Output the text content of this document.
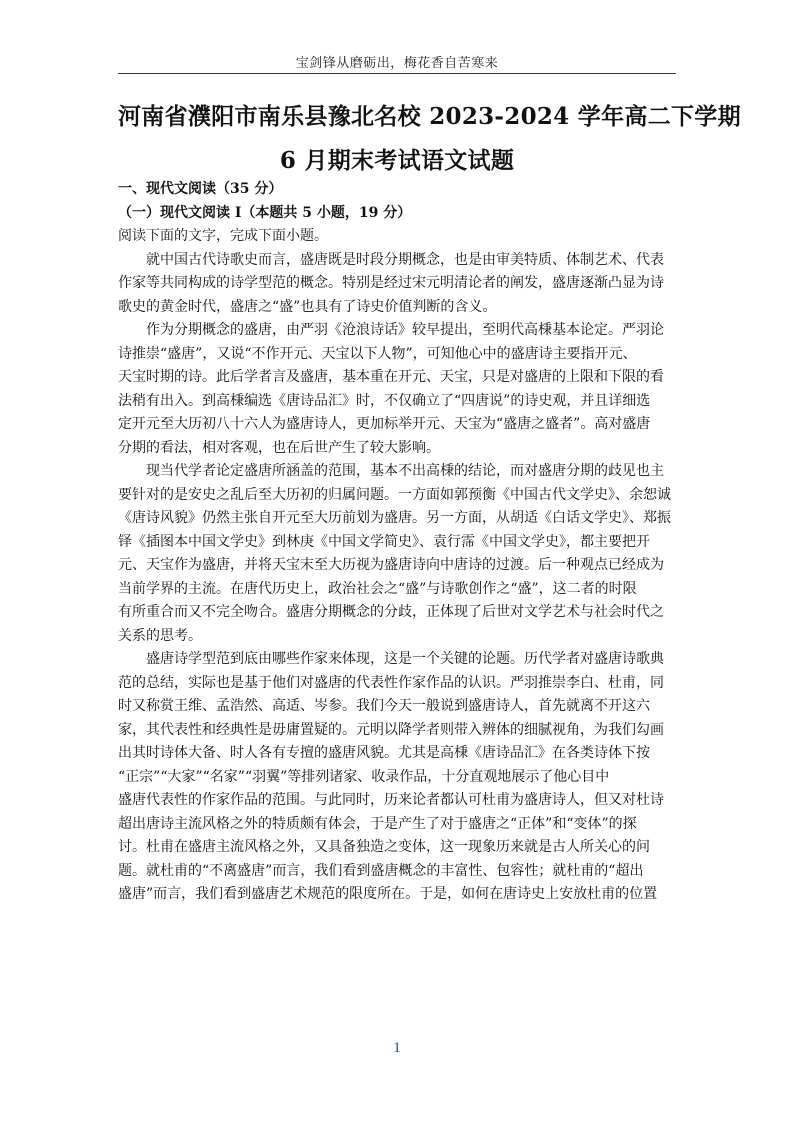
宝剑锋从磨砺出，梅花香自苦寒来
河南省濮阳市南乐县豫北名校 2023-2024 学年高二下学期
6 月期末考试语文试题
一、现代文阅读（35 分）
（一）现代文阅读 I（本题共 5 小题，19 分）
阅读下面的文字，完成下面小题。
就中国古代诗歌史而言，盛唐既是时段分期概念，也是由审美特质、体制艺术、代表
作家等共同构成的诗学型范的概念。特别是经过宋元明清论者的阐发，盛唐逐渐凸显为诗
歌史的黄金时代，盛唐之“盛”也具有了诗史价值判断的含义。
作为分期概念的盛唐，由严羽《沧浪诗话》较早提出，至明代高棅基本论定。严羽论
诗推崇“盛唐”，又说“不作开元、天宝以下人物”，可知他心中的盛唐诗主要指开元、
天宝时期的诗。此后学者言及盛唐，基本重在开元、天宝，只是对盛唐的上限和下限的看
法稍有出入。到高棅编选《唐诗品汇》时，不仅确立了“四唐说”的诗史观，并且详细选
定开元至大历初八十六人为盛唐诗人，更加标举开元、天宝为“盛唐之盛者”。高对盛唐
分期的看法，相对客观，也在后世产生了较大影响。
现当代学者论定盛唐所涵盖的范围，基本不出高棅的结论，而对盛唐分期的歧见也主
要针对的是安史之乱后至大历初的归属问题。一方面如郭预衡《中国古代文学史》、余恕诚
《唐诗风貌》仍然主张自开元至大历前划为盛唐。另一方面，从胡适《白话文学史》、郑振
铎《插图本中国文学史》到林庚《中国文学简史》、袁行霈《中国文学史》，都主要把开
元、天宝作为盛唐，并将天宝末至大历视为盛唐诗向中唐诗的过渡。后一种观点已经成为
当前学界的主流。在唐代历史上，政治社会之“盛”与诗歌创作之“盛”，这二者的时限
有所重合而又不完全吻合。盛唐分期概念的分歧，正体现了后世对文学艺术与社会时代之
关系的思考。
盛唐诗学型范到底由哪些作家来体现，这是一个关键的论题。历代学者对盛唐诗歌典
范的总结，实际也是基于他们对盛唐的代表性作家作品的认识。严羽推崇李白、杜甫，同
时又称赏王维、孟浩然、高适、岑参。我们今天一般说到盛唐诗人，首先就离不开这六
家，其代表性和经典性是毋庸置疑的。元明以降学者则带入辨体的细腻视角，为我们勾画
出其时诗体大备、时人各有专擅的盛唐风貌。尤其是高棅《唐诗品汇》在各类诗体下按
“正宗”“大家”“名家”“羽翼”等排列诸家、收录作品，十分直观地展示了他心目中
盛唐代表性的作家作品的范围。与此同时，历来论者都认可杜甫为盛唐诗人，但又对杜诗
超出唐诗主流风格之外的特质颇有体会，于是产生了对于盛唐之“正体”和“变体”的探
讨。杜甫在盛唐主流风格之外，又具备独造之变体，这一现象历来就是古人所关心的问
题。就杜甫的“不离盛唐”而言，我们看到盛唐概念的丰富性、包容性；就杜甫的“超出
盛唐”而言，我们看到盛唐艺术规范的限度所在。于是，如何在唐诗史上安放杜甫的位置
1
